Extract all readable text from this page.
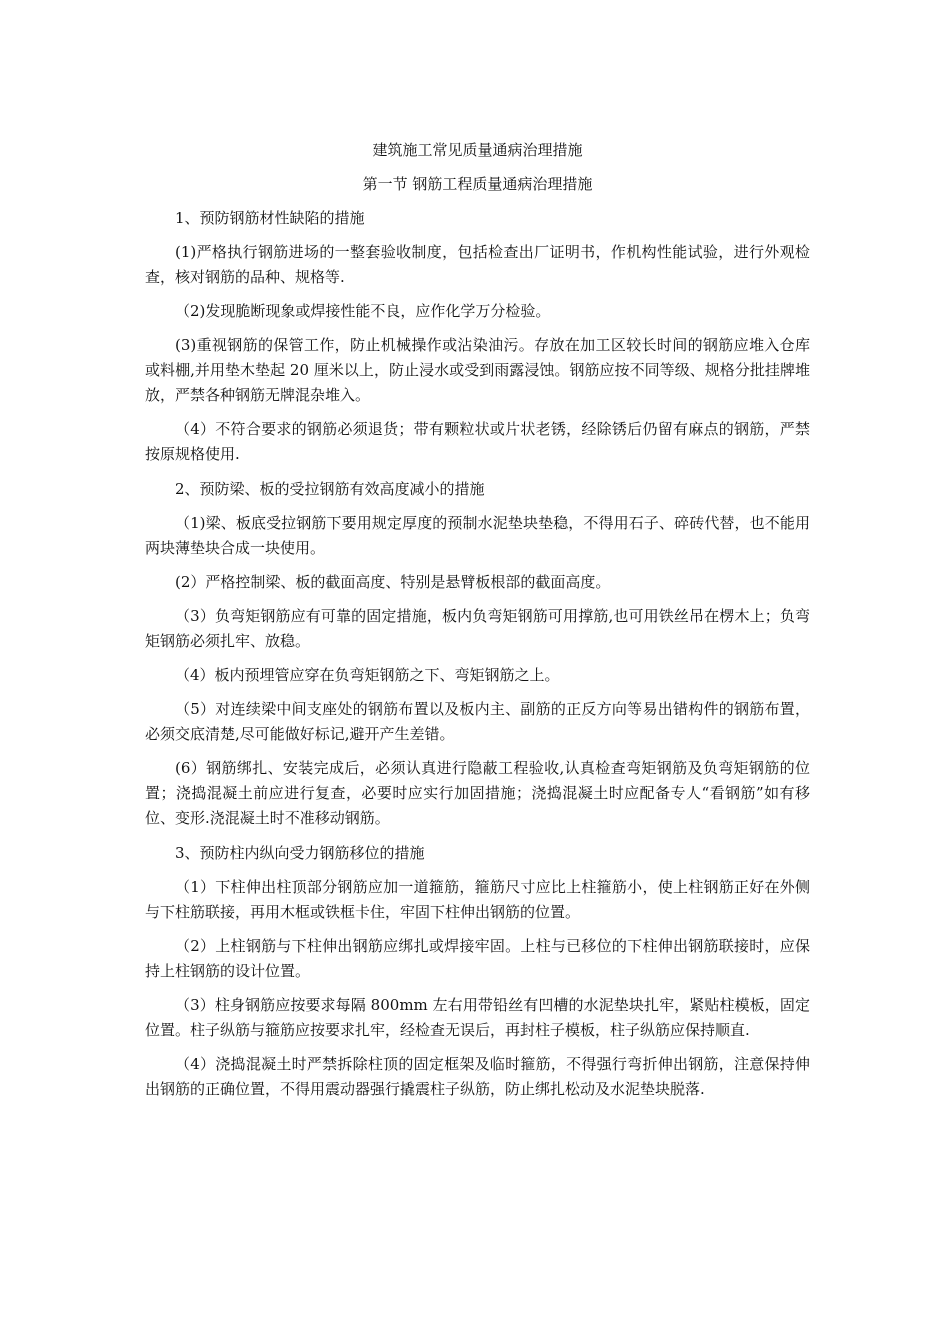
建筑施工常见质量通病治理措施
第一节 钢筋工程质量通病治理措施
1、预防钢筋材性缺陷的措施
(1)严格执行钢筋进场的一整套验收制度，包括检查出厂证明书，作机构性能试验，进行外观检查，核对钢筋的品种、规格等.
（2)发现脆断现象或焊接性能不良，应作化学万分检验。
(3)重视钢筋的保管工作，防止机械操作或沾染油污。存放在加工区较长时间的钢筋应堆入仓库或料棚,并用垫木垫起 20 厘米以上，防止浸水或受到雨露浸蚀。钢筋应按不同等级、规格分批挂牌堆放，严禁各种钢筋无牌混杂堆入。
（4）不符合要求的钢筋必须退货；带有颗粒状或片状老锈，经除锈后仍留有麻点的钢筋，严禁按原规格使用.
2、预防梁、板的受拉钢筋有效高度减小的措施
（1)梁、板底受拉钢筋下要用规定厚度的预制水泥垫块垫稳，不得用石子、碎砖代替，也不能用两块薄垫块合成一块使用。
(2）严格控制梁、板的截面高度、特别是悬臂板根部的截面高度。
（3）负弯矩钢筋应有可靠的固定措施，板内负弯矩钢筋可用撑筋,也可用铁丝吊在楞木上；负弯矩钢筋必须扎牢、放稳。
（4）板内预埋管应穿在负弯矩钢筋之下、弯矩钢筋之上。
（5）对连续梁中间支座处的钢筋布置以及板内主、副筋的正反方向等易出错构件的钢筋布置，必须交底清楚,尽可能做好标记,避开产生差错。
(6）钢筋绑扎、安装完成后，必须认真进行隐蔽工程验收,认真检查弯矩钢筋及负弯矩钢筋的位置；浇捣混凝土前应进行复查，必要时应实行加固措施；浇捣混凝土时应配备专人“看钢筋”如有移位、变形.浇混凝土时不准移动钢筋。
3、预防柱内纵向受力钢筋移位的措施
（1）下柱伸出柱顶部分钢筋应加一道箍筋，箍筋尺寸应比上柱箍筋小，使上柱钢筋正好在外侧与下柱筋联接，再用木框或铁框卡住，牢固下柱伸出钢筋的位置。
（2）上柱钢筋与下柱伸出钢筋应绑扎或焊接牢固。上柱与已移位的下柱伸出钢筋联接时，应保持上柱钢筋的设计位置。
（3）柱身钢筋应按要求每隔 800mm 左右用带铅丝有凹槽的水泥垫块扎牢，紧贴柱模板，固定位置。柱子纵筋与箍筋应按要求扎牢，经检查无误后，再封柱子模板，柱子纵筋应保持顺直.
（4）浇捣混凝土时严禁拆除柱顶的固定框架及临时箍筋，不得强行弯折伸出钢筋，注意保持伸出钢筋的正确位置，不得用震动器强行撬震柱子纵筋，防止绑扎松动及水泥垫块脱落.
